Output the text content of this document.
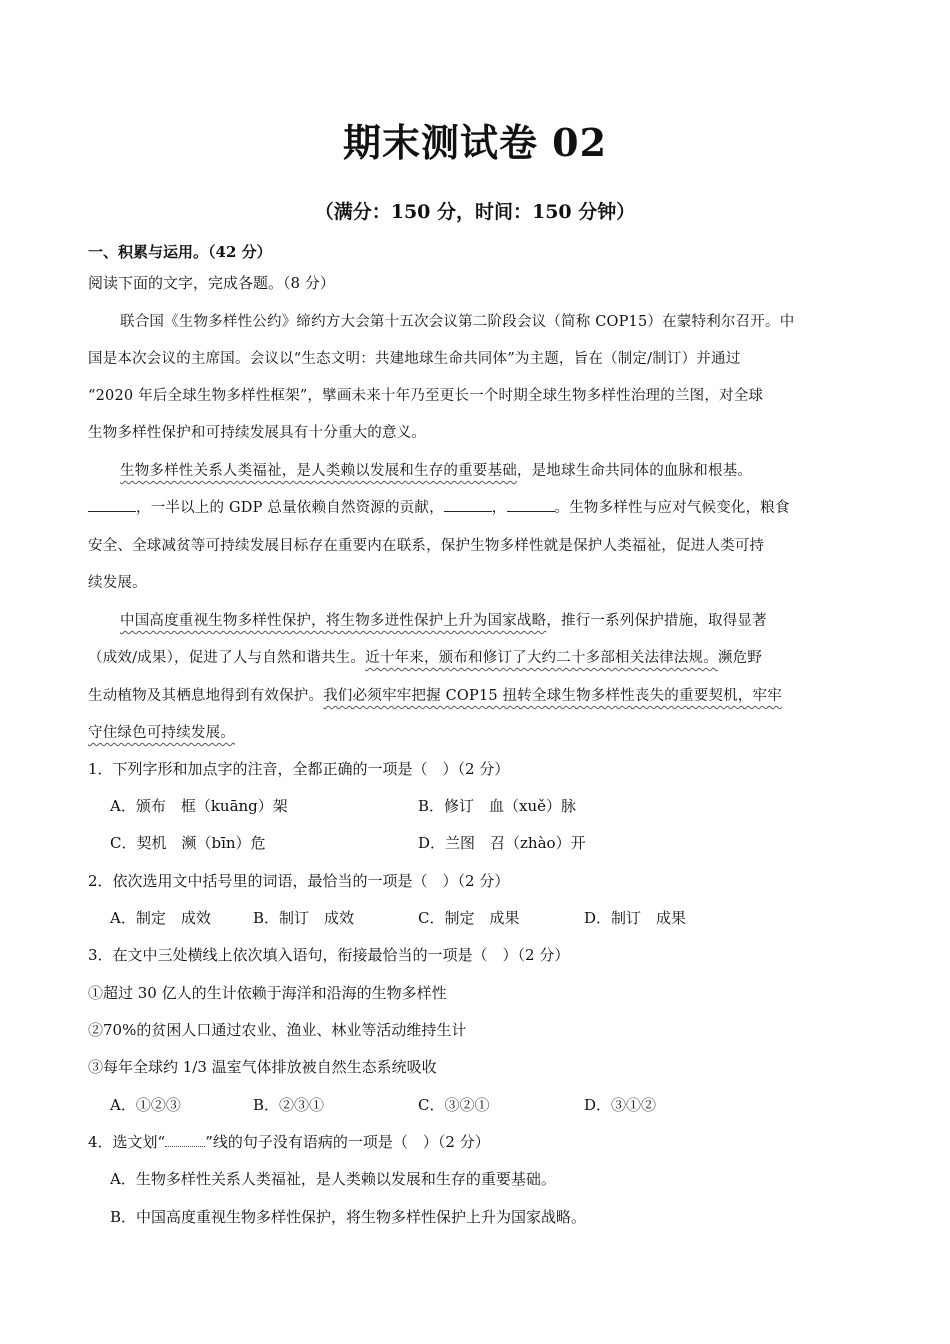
期末测试卷 02
（满分：150 分，时间：150 分钟）
一、积累与运用。（42 分）
阅读下面的文字，完成各题。（8 分）
联合国《生物多样性公约》缔约方大会第十五次会议第二阶段会议（简称 COP15）在蒙特利尔召开。中
国是本次会议的主席国。会议以“生态文明：共建地球生命共同体”为主题，旨在（制定/制订）并通过
“2020 年后全球生物多样性框架”，擘画未来十年乃至更长一个时期全球生物多样性治理的兰图，对全球
生物多样性保护和可持续发展具有十分重大的意义。
生物多样性关系人类福祉，是人类赖以发展和生存的重要基础，是地球生命共同体的血脉和根基。
，一半以上的 GDP 总量依赖自然资源的贡献，	，	。生物多样性与应对气候变化，粮食
安全、全球减贫等可持续发展目标存在重要内在联系，保护生物多样性就是保护人类福祉，促进人类可持
续发展。
中国高度重视生物多样性保护，将生物多迸性保护上升为国家战略，推行一系列保护措施，取得显著
（成效/成果），促进了人与自然和谐共生。近十年来，颁布和修订了大约二十多部相关法律法规。濒危野
生动植物及其栖息地得到有效保护。我们必须牢牢把握 COP15 扭转全球生物多样性丧失的重要契机，牢牢
守住绿色可持续发展。
1．下列字形和加点字的注音，全都正确的一项是（　）（2 分）
A．颁布　框（kuāng）架	B．修订　血（xuě）脉
C．契机　濒（bīn）危	D．兰图　召（zhào）开
2．依次选用文中括号里的词语，最恰当的一项是（　）（2 分）
A．制定　成效	B．制订　成效	C．制定　成果	D．制订　成果
3．在文中三处横线上依次填入语句，衔接最恰当的一项是（　）（2 分）
①超过 30 亿人的生计依赖于海洋和沿海的生物多样性
②70%的贫困人口通过农业、渔业、林业等活动维持生计
③每年全球约 1/3 温室气体排放被自然生态系统吸收
A．①②③	B．②③①	C．③②①	D．③①②
4．选文划“	”线的句子没有语病的一项是（　）（2 分）
A．生物多样性关系人类福祉，是人类赖以发展和生存的重要基础。
B．中国高度重视生物多样性保护，将生物多样性保护上升为国家战略。
